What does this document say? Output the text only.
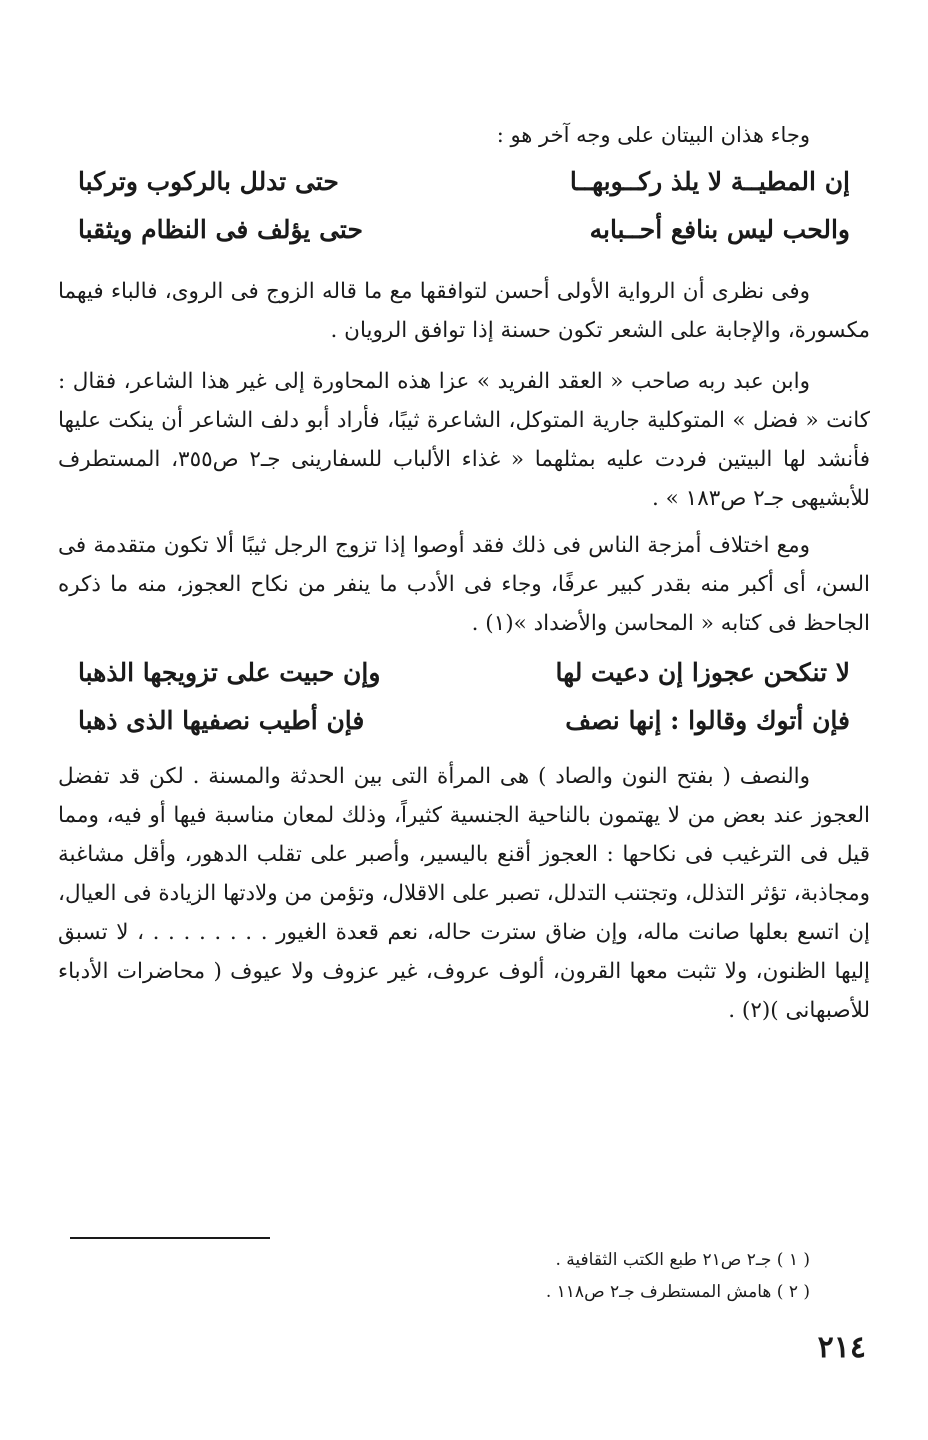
وجاء هذان البيتان على وجه آخر هو :

إن المطيــة لا يلذ ركــوبهــا
حتى تدلل بالركوب وتركبا
والحب ليس بنافع أحــبابه
حتى يؤلف فى النظام ويثقبا

وفى نظرى أن الرواية الأولى أحسن لتوافقها مع ما قاله الزوج فى الروى، فالباء فيهما مكسورة، والإجابة على الشعر تكون حسنة إذا توافق الرويان .

وابن عبد ربه صاحب « العقد الفريد » عزا هذه المحاورة إلى غير هذا الشاعر، فقال : كانت « فضل » المتوكلية جارية المتوكل، الشاعرة ثيبًا، فأراد أبو دلف الشاعر أن ينكت عليها فأنشد لها البيتين فردت عليه بمثلهما « غذاء الألباب للسفارينى جـ٢ ص٣٥٥، المستطرف للأبشيهى جـ٢ ص١٨٣ » .

ومع اختلاف أمزجة الناس فى ذلك فقد أوصوا إذا تزوج الرجل ثيبًا ألا تكون متقدمة فى السن، أى أكبر منه بقدر كبير عرفًا، وجاء فى الأدب ما ينفر من نكاح العجوز، منه ما ذكره الجاحظ فى كتابه « المحاسن والأضداد »(١) .

لا تنكحن عجوزا إن دعيت لها
وإن حبيت على تزويجها الذهبا
فإن أتوك وقالوا : إنها نصف
فإن أطيب نصفيها الذى ذهبا

والنصف ( بفتح النون والصاد ) هى المرأة التى بين الحدثة والمسنة . لكن قد تفضل العجوز عند بعض من لا يهتمون بالناحية الجنسية كثيراً، وذلك لمعان مناسبة فيها أو فيه، ومما قيل فى الترغيب فى نكاحها : العجوز أقنع باليسير، وأصبر على تقلب الدهور، وأقل مشاغبة ومجاذبة، تؤثر التذلل، وتجتنب التدلل، تصبر على الاقلال، وتؤمن من ولادتها الزيادة فى العيال، إن اتسع بعلها صانت ماله، وإن ضاق سترت حاله، نعم قعدة الغيور . . . . . . . . ، لا تسبق إليها الظنون، ولا تثبت معها القرون، ألوف عروف، غير عزوف ولا عيوف ( محاضرات الأدباء للأصبهانى )(٢) .

( ١ ) جـ٢ ص٢١ طبع الكتب الثقافية .
( ٢ ) هامش المستطرف جـ٢ ص١١٨ .
٢١٤
